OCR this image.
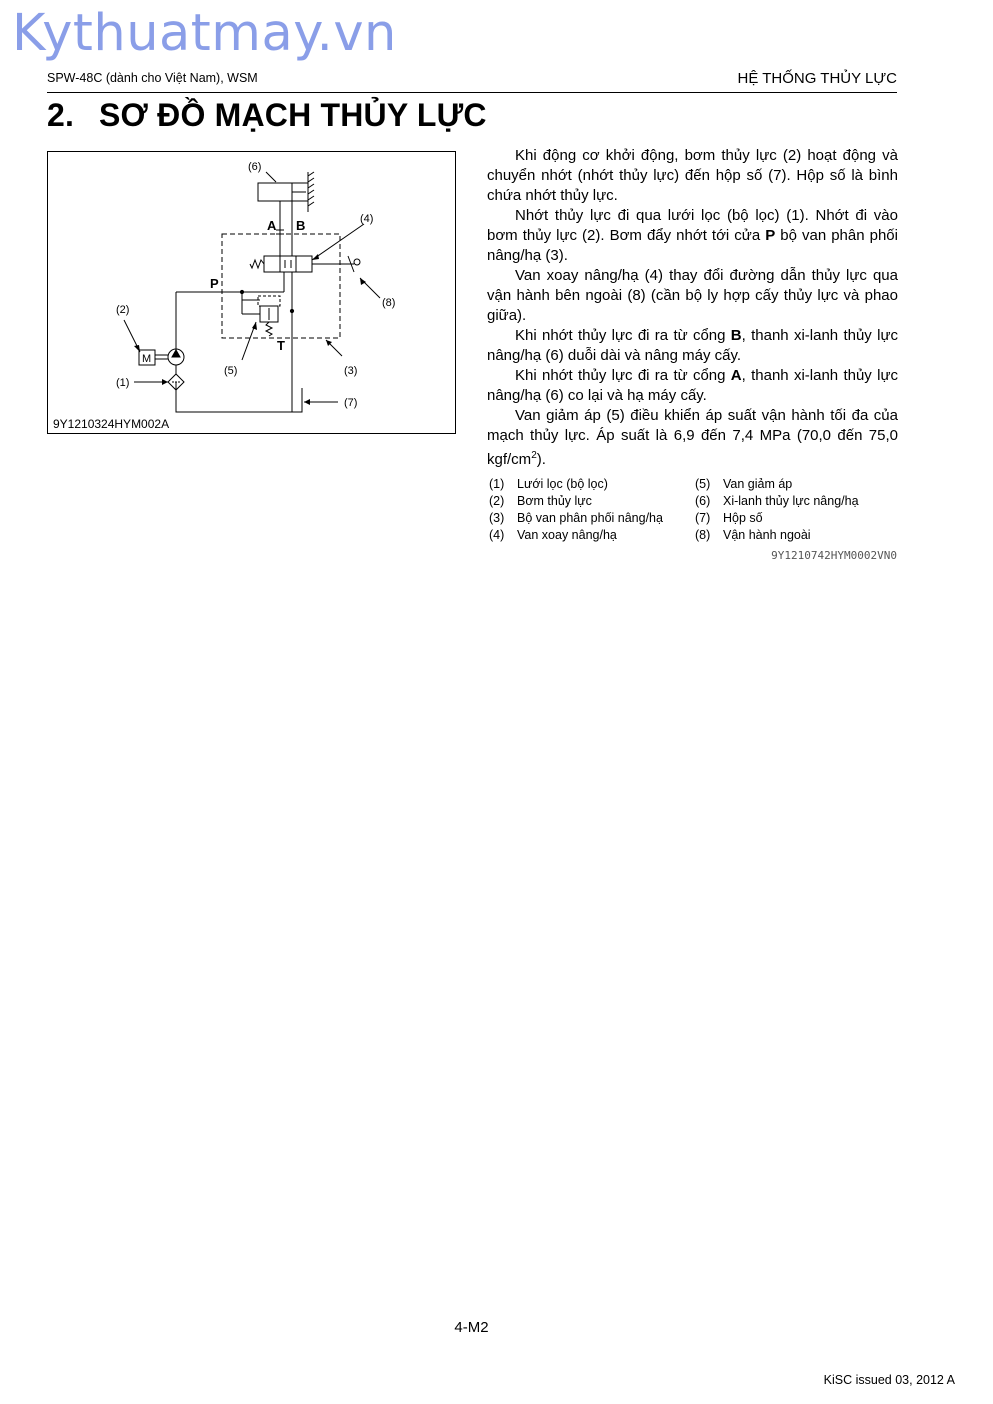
Kythuatmay.vn
SPW-48C (dành cho Việt Nam), WSM	HỆ THỐNG THỦY LỰC
2. SƠ ĐỒ MẠCH THỦY LỰC
(6)
(4)
A B
P
(8)
(2)
T
M
(5)	(3)
(1)
(7)
9Y1210324HYM002A

Khi động cơ khởi động, bơm thủy lực (2) hoạt động và chuyển nhớt (nhớt thủy lực) đến hộp số (7). Hộp số là bình chứa nhớt thủy lực.

Nhớt thủy lực đi qua lưới lọc (bộ lọc) (1). Nhớt đi vào bơm thủy lực (2). Bơm đẩy nhớt tới cửa P bộ van phân phối nâng/hạ (3).

Van xoay nâng/hạ (4) thay đổi đường dẫn thủy lực qua vận hành bên ngoài (8) (cần bộ ly hợp cấy thủy lực và phao giữa).

Khi nhớt thủy lực đi ra từ cổng B, thanh xi-lanh thủy lực nâng/hạ (6) duỗi dài và nâng máy cấy.

Khi nhớt thủy lực đi ra từ cổng A, thanh xi-lanh thủy lực nâng/hạ (6) co lại và hạ máy cấy.

Van giảm áp (5) điều khiển áp suất vận hành tối đa của mạch thủy lực. Áp suất là 6,9 đến 7,4 MPa (70,0 đến 75,0 kgf/$cm^2$).

(1) Lưới lọc (bộ lọc)
(2) Bơm thủy lực
(3) Bộ van phân phối nâng/hạ
(4) Van xoay nâng/hạ
(5) Van giảm áp
(6) Xi-lanh thủy lực nâng/hạ
(7) Hộp số
(8) Vận hành ngoài
9Y1210742HYM0002VN0
4-M2
KiSC issued 03, 2012 A
